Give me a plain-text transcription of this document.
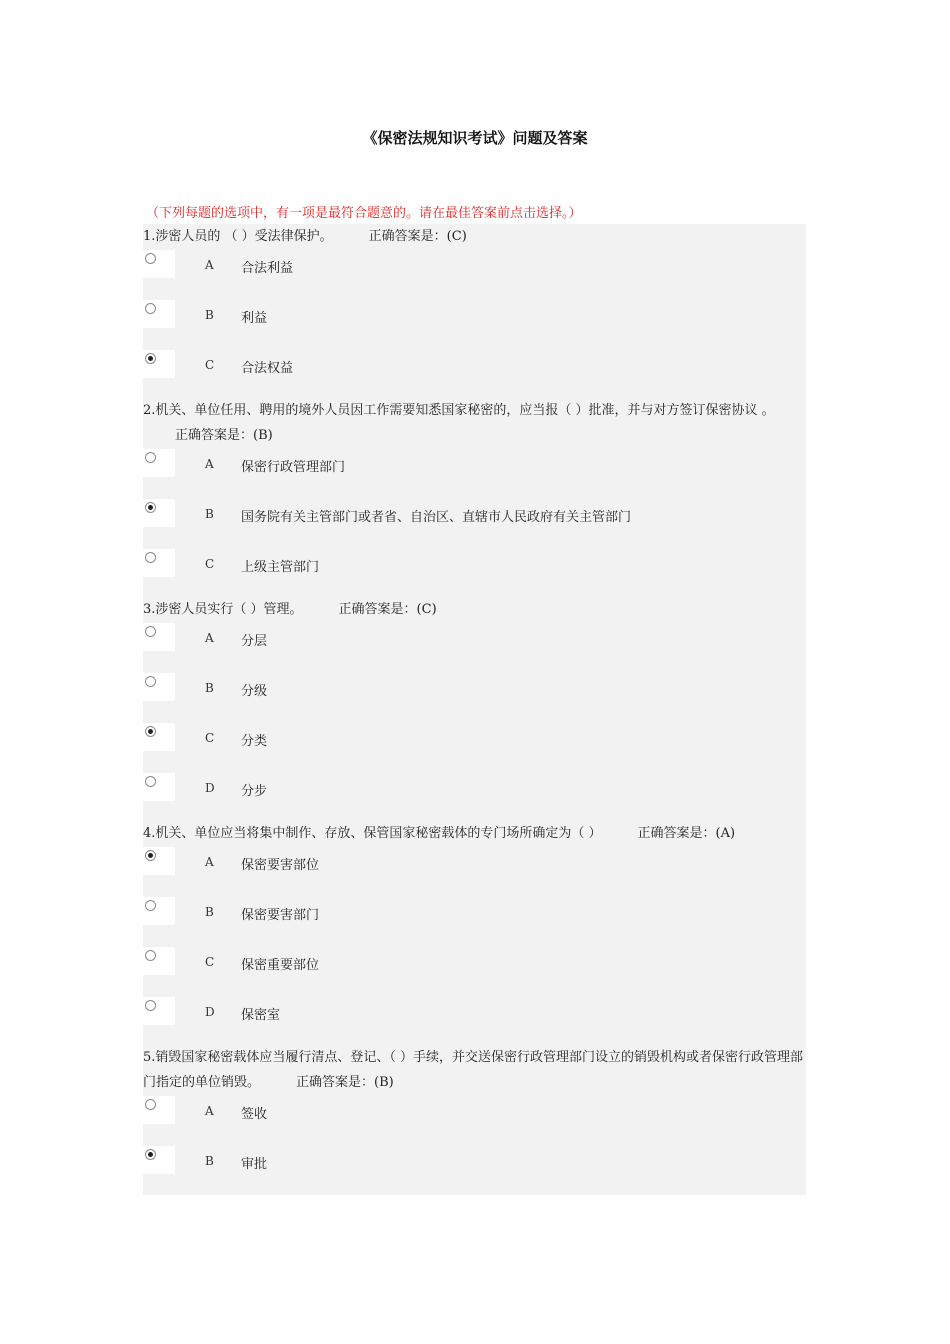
《保密法规知识考试》问题及答案
（下列每题的选项中，有一项是最符合题意的。请在最佳答案前点击选择。）
1.涉密人员的 （ ）受法律保护。	正确答案是：(C)
A 合法利益
B 利益
C 合法权益
2.机关、单位任用、聘用的境外人员因工作需要知悉国家秘密的，应当报（ ）批准，并与对方签订保密协议 。
正确答案是：(B)
A 保密行政管理部门
B 国务院有关主管部门或者省、自治区、直辖市人民政府有关主管部门
C 上级主管部门
3.涉密人员实行（ ）管理。	正确答案是：(C)
A 分层
B 分级
C 分类
D 分步
4.机关、单位应当将集中制作、存放、保管国家秘密载体的专门场所确定为（ ）	正确答案是：(A)
A 保密要害部位
B 保密要害部门
C 保密重要部位
D 保密室
5.销毁国家秘密载体应当履行清点、登记、（ ）手续，并交送保密行政管理部门设立的销毁机构或者保密行政管理部门指定的单位销毁。	正确答案是：(B)
A 签收
B 审批
